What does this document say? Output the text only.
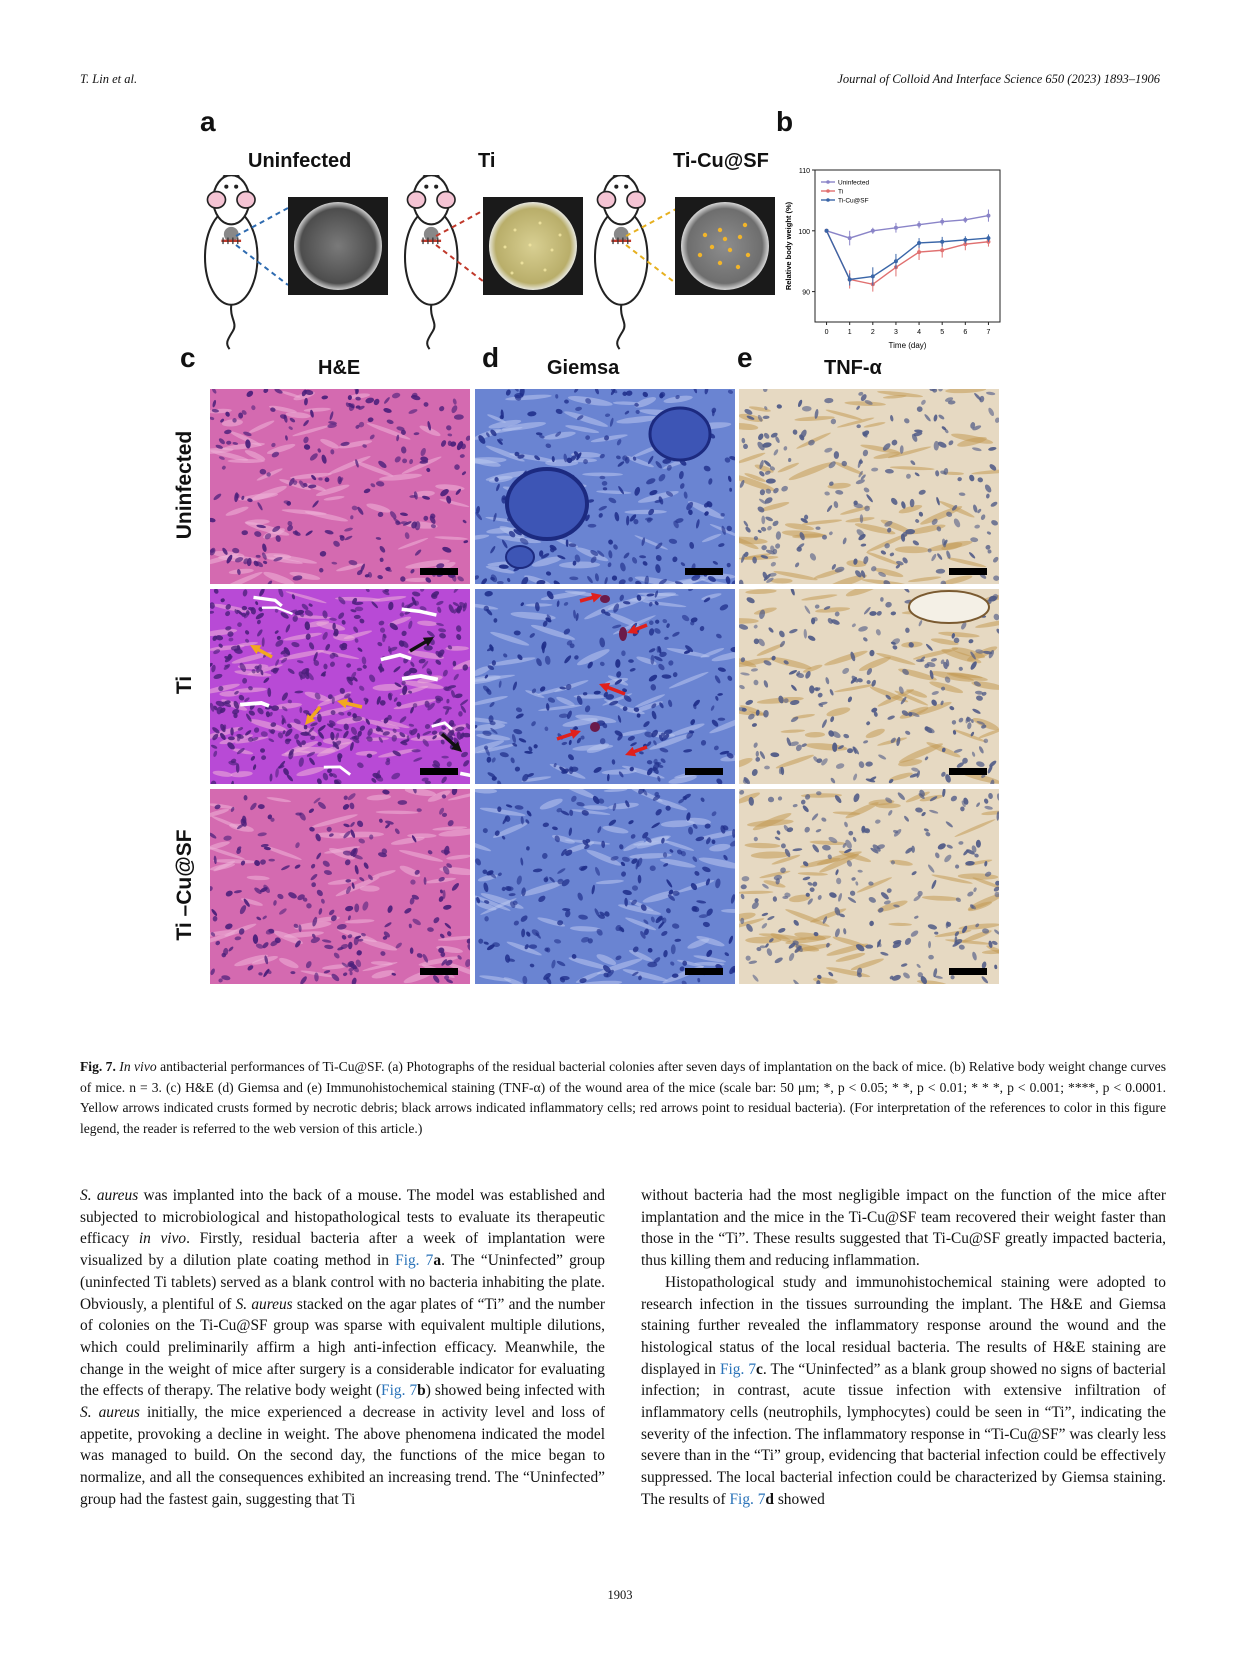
T. Lin et al.	Journal of Colloid And Interface Science 650 (2023) 1893–1906
a
Uninfected	Ti	Ti-Cu@SF
b
90
100
110
0	1	2	3	4	5	6	7
Time (day)
Relative body weight (%)
Uninfected
Ti
Ti-Cu@SF
c	H&E	d Giemsa	e	TNF-α
Uninfected
Ti
Ti –Cu@SF
Fig. 7. In vivo antibacterial performances of Ti-Cu@SF. (a) Photographs of the residual bacterial colonies after seven days of implantation on the back of mice. (b) Relative body weight change curves of mice. n = 3. (c) H&E (d) Giemsa and (e) Immunohistochemical staining (TNF-α) of the wound area of the mice (scale bar: 50 μm; *, p < 0.05; * *, p < 0.01; * * *, p < 0.001; ****, p < 0.0001. Yellow arrows indicated crusts formed by necrotic debris; black arrows indicated inflammatory cells; red arrows point to residual bacteria). (For interpretation of the references to color in this figure legend, the reader is referred to the web version of this article.)

S. aureus was implanted into the back of a mouse. The model was established and subjected to microbiological and histopathological tests to evaluate its therapeutic efficacy in vivo. Firstly, residual bacteria after a week of implantation were visualized by a dilution plate coating method in Fig. 7a. The “Uninfected” group (uninfected Ti tablets) served as a blank control with no bacteria inhabiting the plate. Obviously, a plentiful of S. aureus stacked on the agar plates of “Ti” and the number of colonies on the Ti-Cu@SF group was sparse with equivalent multiple dilutions, which could preliminarily affirm a high anti-infection efficacy. Meanwhile, the change in the weight of mice after surgery is a considerable indicator for evaluating the effects of therapy. The relative body weight (Fig. 7b) showed being infected with S. aureus initially, the mice experienced a decrease in activity level and loss of appetite, provoking a decline in weight. The above phenomena indicated the model was managed to build. On the second day, the functions of the mice began to normalize, and all the consequences exhibited an increasing trend. The “Uninfected” group had the fastest gain, suggesting that Ti

without bacteria had the most negligible impact on the function of the mice after implantation and the mice in the Ti-Cu@SF team recovered their weight faster than those in the “Ti”. These results suggested that Ti-Cu@SF greatly impacted bacteria, thus killing them and reducing inflammation.

Histopathological study and immunohistochemical staining were adopted to research infection in the tissues surrounding the implant. The H&E and Giemsa staining further revealed the inflammatory response around the wound and the histological status of the local residual bacteria. The results of H&E staining are displayed in Fig. 7c. The “Uninfected” as a blank group showed no signs of bacterial infection; in contrast, acute tissue infection with extensive infiltration of inflammatory cells (neutrophils, lymphocytes) could be seen in “Ti”, indicating the severity of the infection. The inflammatory response in “Ti-Cu@SF” was clearly less severe than in the “Ti” group, evidencing that bacterial infection could be effectively suppressed. The local bacterial infection could be characterized by Giemsa staining. The results of Fig. 7d showed

1903
